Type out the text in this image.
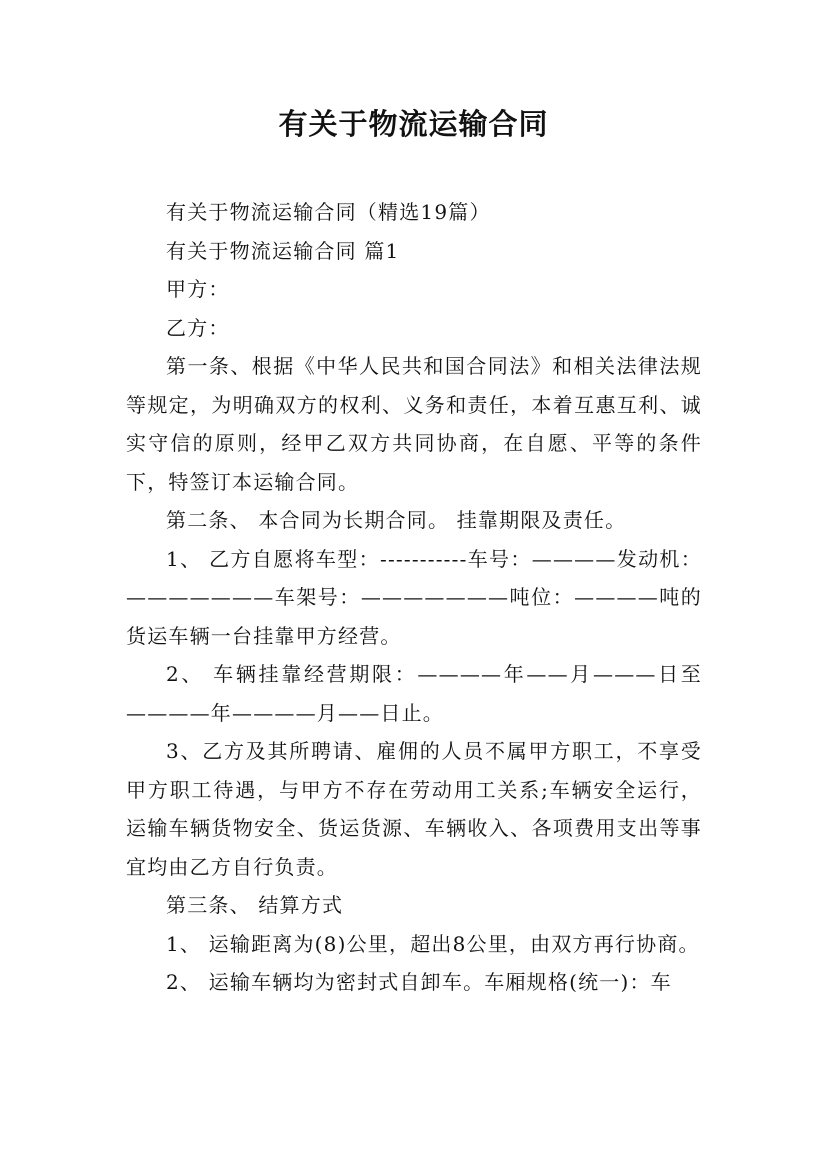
有关于物流运输合同

有关于物流运输合同（精选19篇）

有关于物流运输合同 篇1

甲方：

乙方：

第一条、根据《中华人民共和国合同法》和相关法律法规等规定，为明确双方的权利、义务和责任，本着互惠互利、诚实守信的原则，经甲乙双方共同协商，在自愿、平等的条件下，特签订本运输合同。

第二条、 本合同为长期合同。 挂靠期限及责任。

1、 乙方自愿将车型：-----------车号：————发动机：———————车架号：———————吨位：————吨的货运车辆一台挂靠甲方经营。

2、 车辆挂靠经营期限：————年——月———日至————年————月——日止。

3、乙方及其所聘请、雇佣的人员不属甲方职工，不享受甲方职工待遇，与甲方不存在劳动用工关系;车辆安全运行，运输车辆货物安全、货运货源、车辆收入、各项费用支出等事宜均由乙方自行负责。

第三条、 结算方式

1、 运输距离为(8)公里，超出8公里，由双方再行协商。

2、 运输车辆均为密封式自卸车。车厢规格(统一)：车
